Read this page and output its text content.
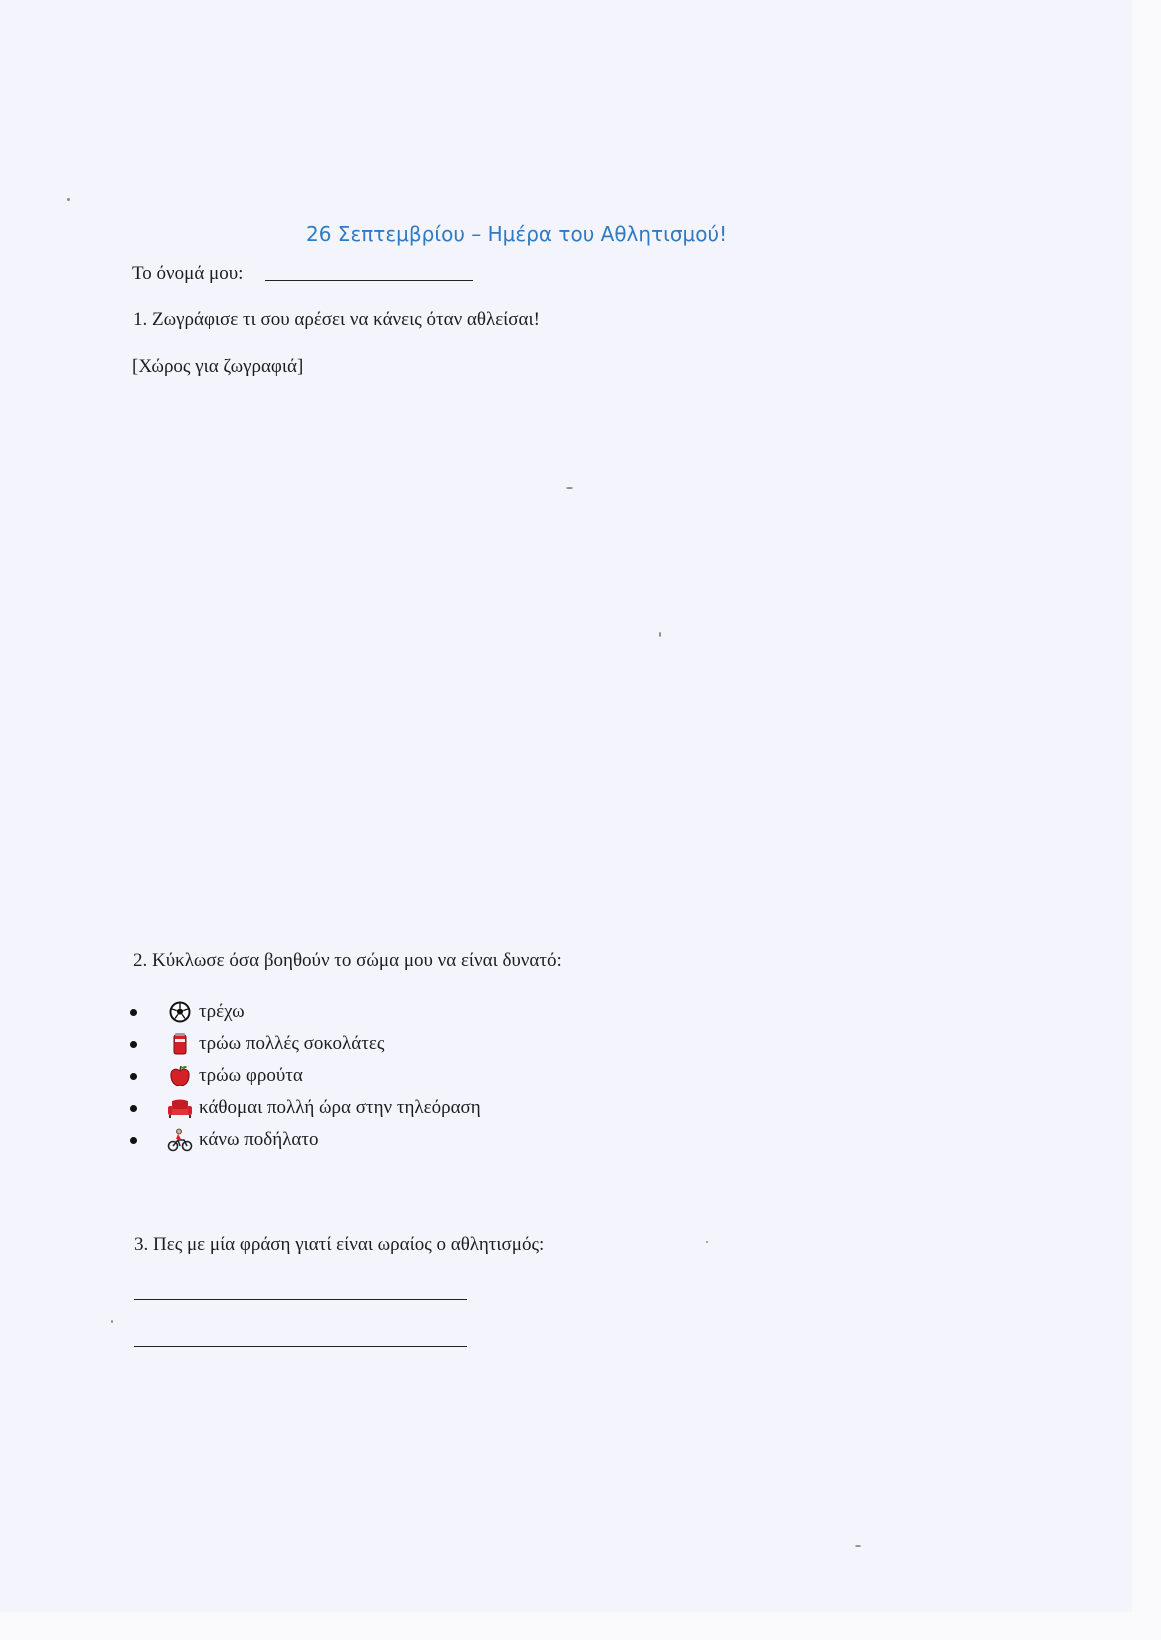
26 Σεπτεμβρίου – Ημέρα του Αθλητισμού!
Το όνομά μου:
1. Ζωγράφισε τι σου αρέσει να κάνεις όταν αθλείσαι!
[Χώρος για ζωγραφιά]
2. Κύκλωσε όσα βοηθούν το σώμα μου να είναι δυνατό:
τρέχω
τρώω πολλές σοκολάτες
τρώω φρούτα
κάθομαι πολλή ώρα στην τηλεόραση
κάνω ποδήλατο
3. Πες με μία φράση γιατί είναι ωραίος ο αθλητισμός:
